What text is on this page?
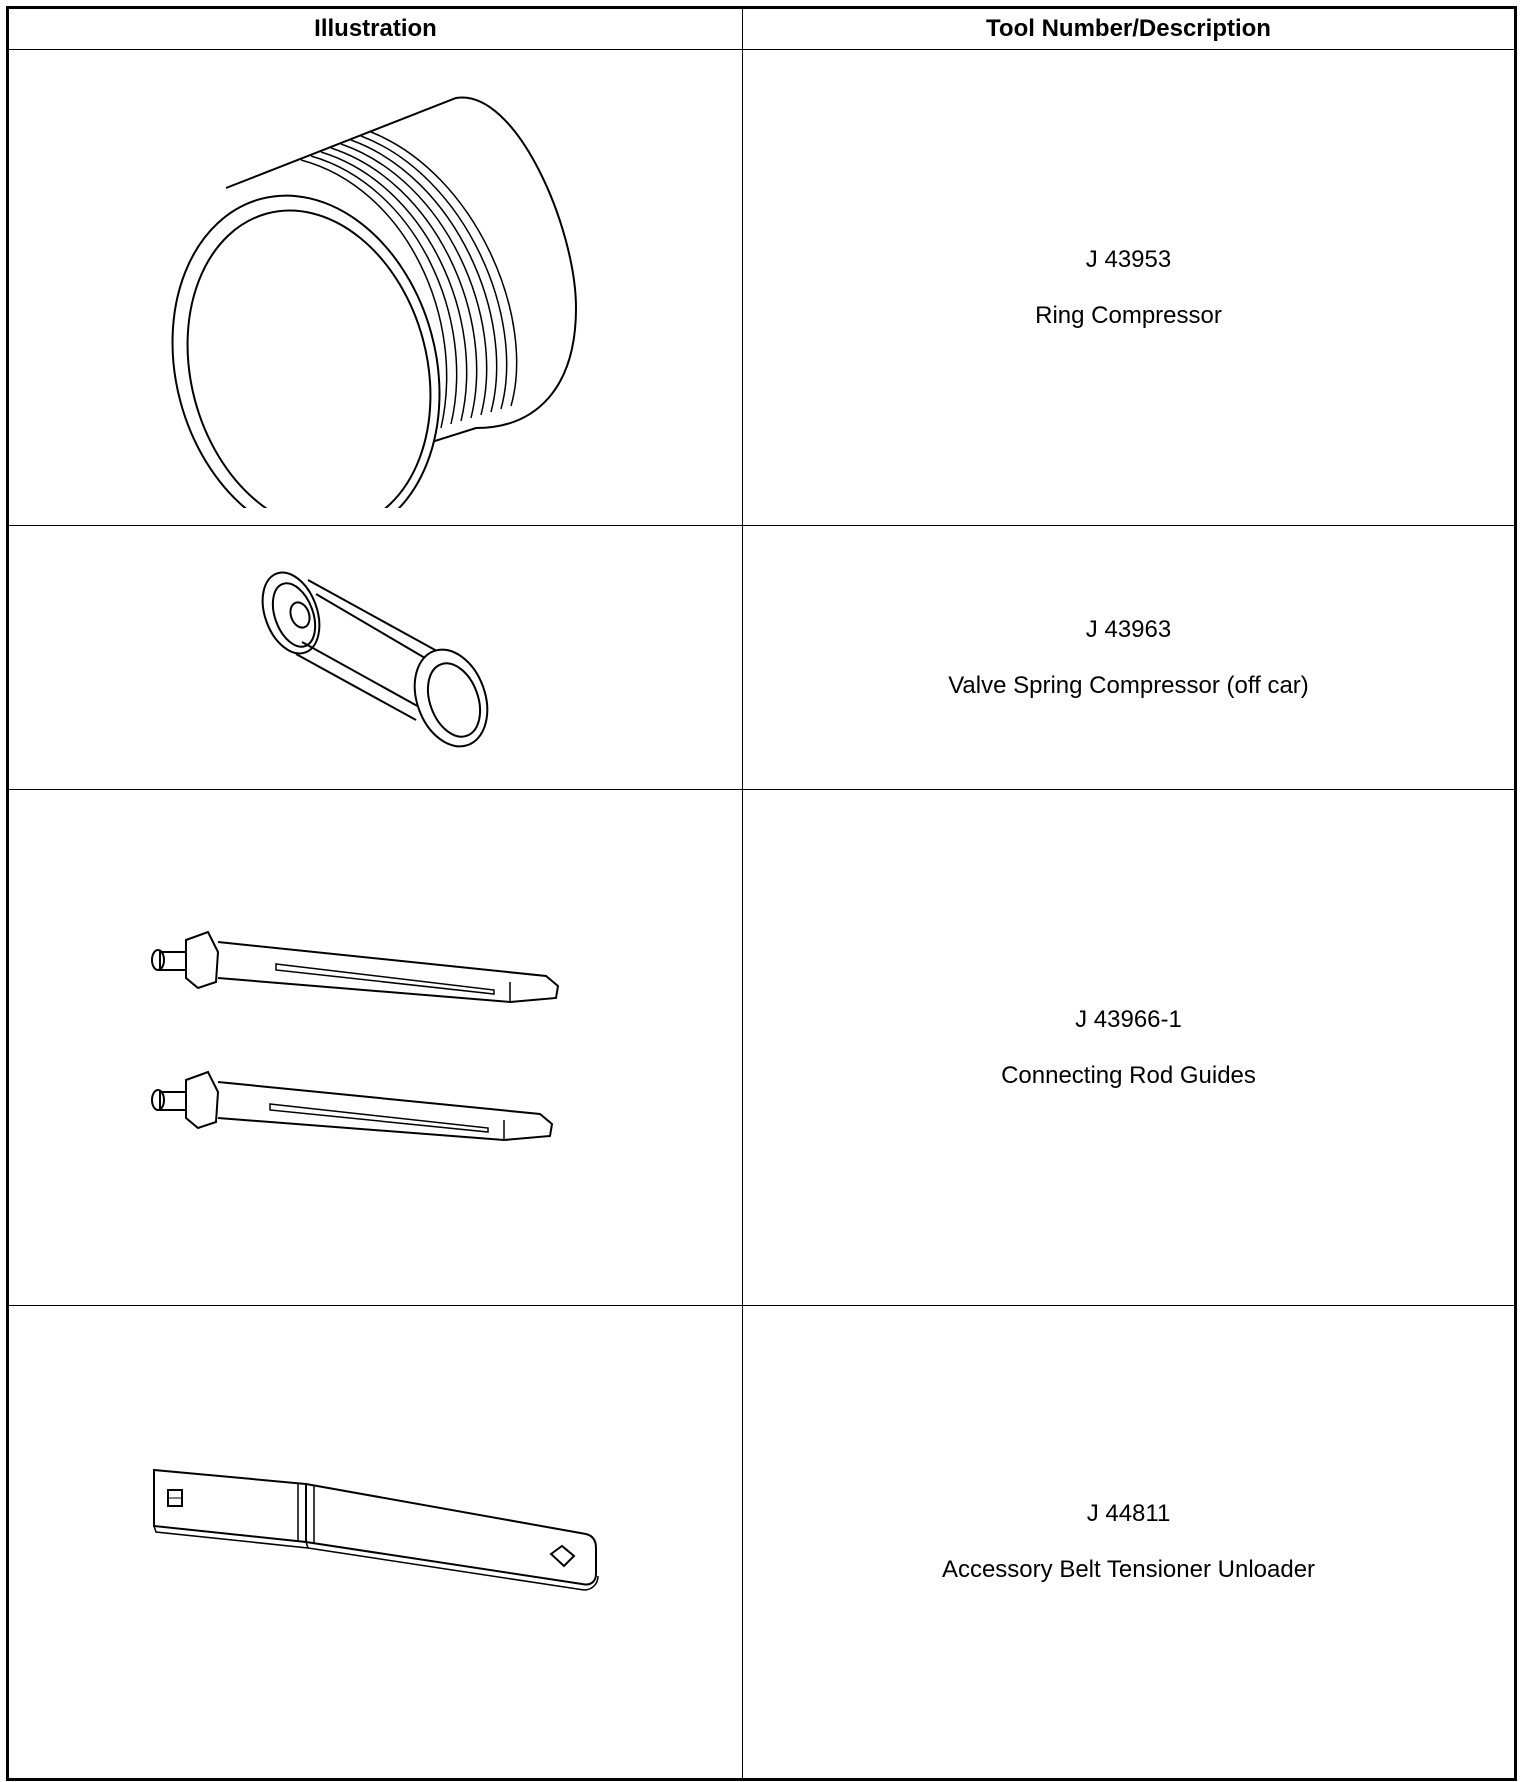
Illustration	Tool Number/Description

J 43953
Ring Compressor

J 43963
Valve Spring Compressor (off car)

J 43966-1
Connecting Rod Guides

J 44811
Accessory Belt Tensioner Unloader
